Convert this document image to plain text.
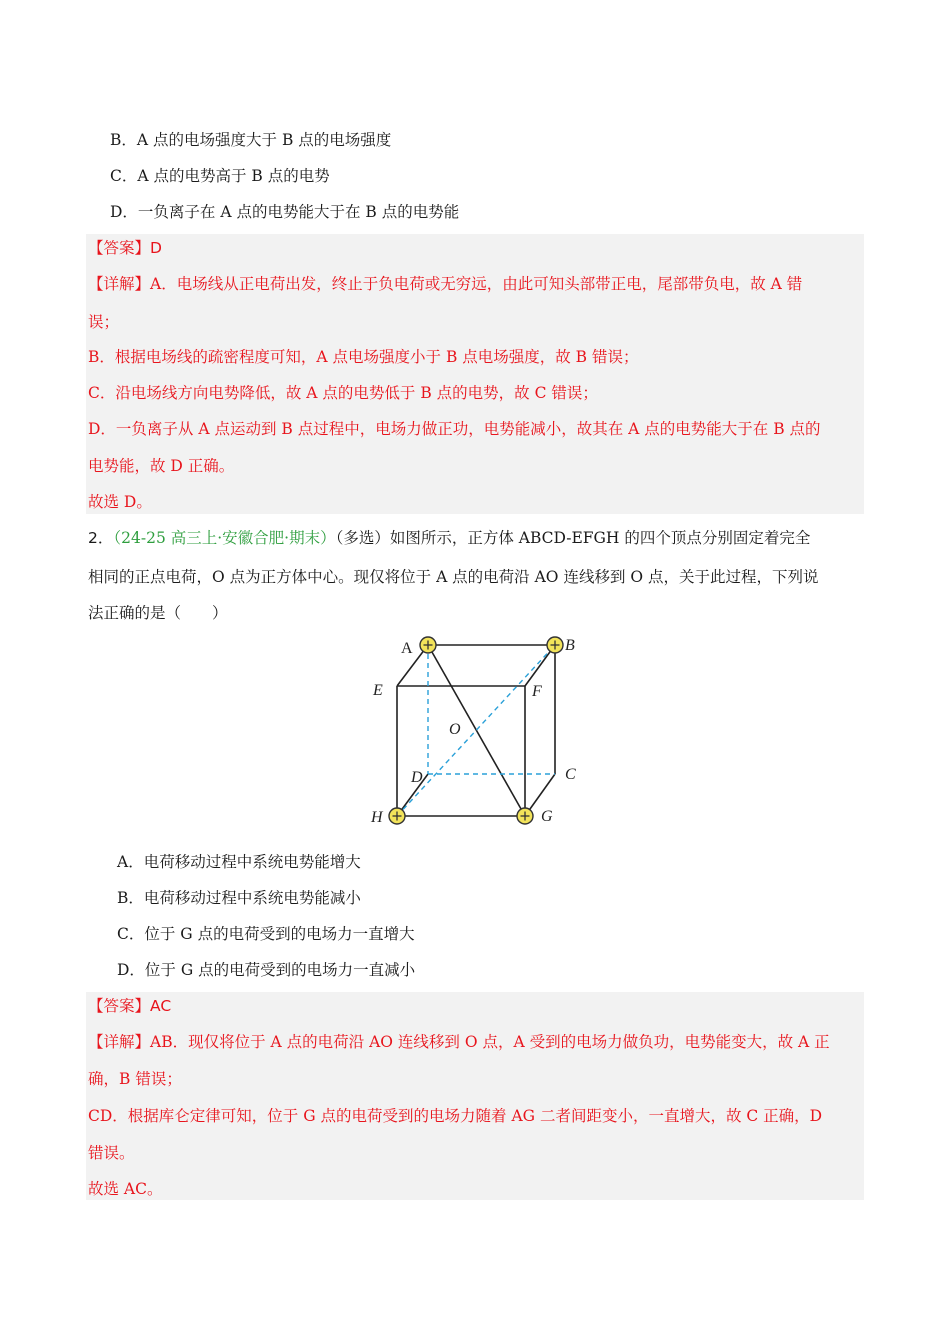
B．A 点的电场强度大于 B 点的电场强度
C．A 点的电势高于 B 点的电势
D．一负离子在 A 点的电势能大于在 B 点的电势能
【答案】D
【详解】A．电场线从正电荷出发，终止于负电荷或无穷远，由此可知头部带正电，尾部带负电，故 A 错
误；
B．根据电场线的疏密程度可知，A 点电场强度小于 B 点电场强度，故 B 错误；
C．沿电场线方向电势降低，故 A 点的电势低于 B 点的电势，故 C 错误；
D．一负离子从 A 点运动到 B 点过程中，电场力做正功，电势能减小，故其在 A 点的电势能大于在 B 点的
电势能，故 D 正确。
故选 D。
2．（24-25 高三上·安徽合肥·期末）（多选）如图所示，正方体 ABCD-EFGH 的四个顶点分别固定着完全
相同的正点电荷，O 点为正方体中心。现仅将位于 A 点的电荷沿 AO 连线移到 O 点，关于此过程，下列说
法正确的是（　　）
A	B
E	F
O
D	C
H	G
A．电荷移动过程中系统电势能增大
B．电荷移动过程中系统电势能减小
C．位于 G 点的电荷受到的电场力一直增大
D．位于 G 点的电荷受到的电场力一直减小
【答案】AC
【详解】AB．现仅将位于 A 点的电荷沿 AO 连线移到 O 点，A 受到的电场力做负功，电势能变大，故 A 正
确，B 错误；
CD．根据库仑定律可知，位于 G 点的电荷受到的电场力随着 AG 二者间距变小，一直增大，故 C 正确，D
错误。
故选 AC。
